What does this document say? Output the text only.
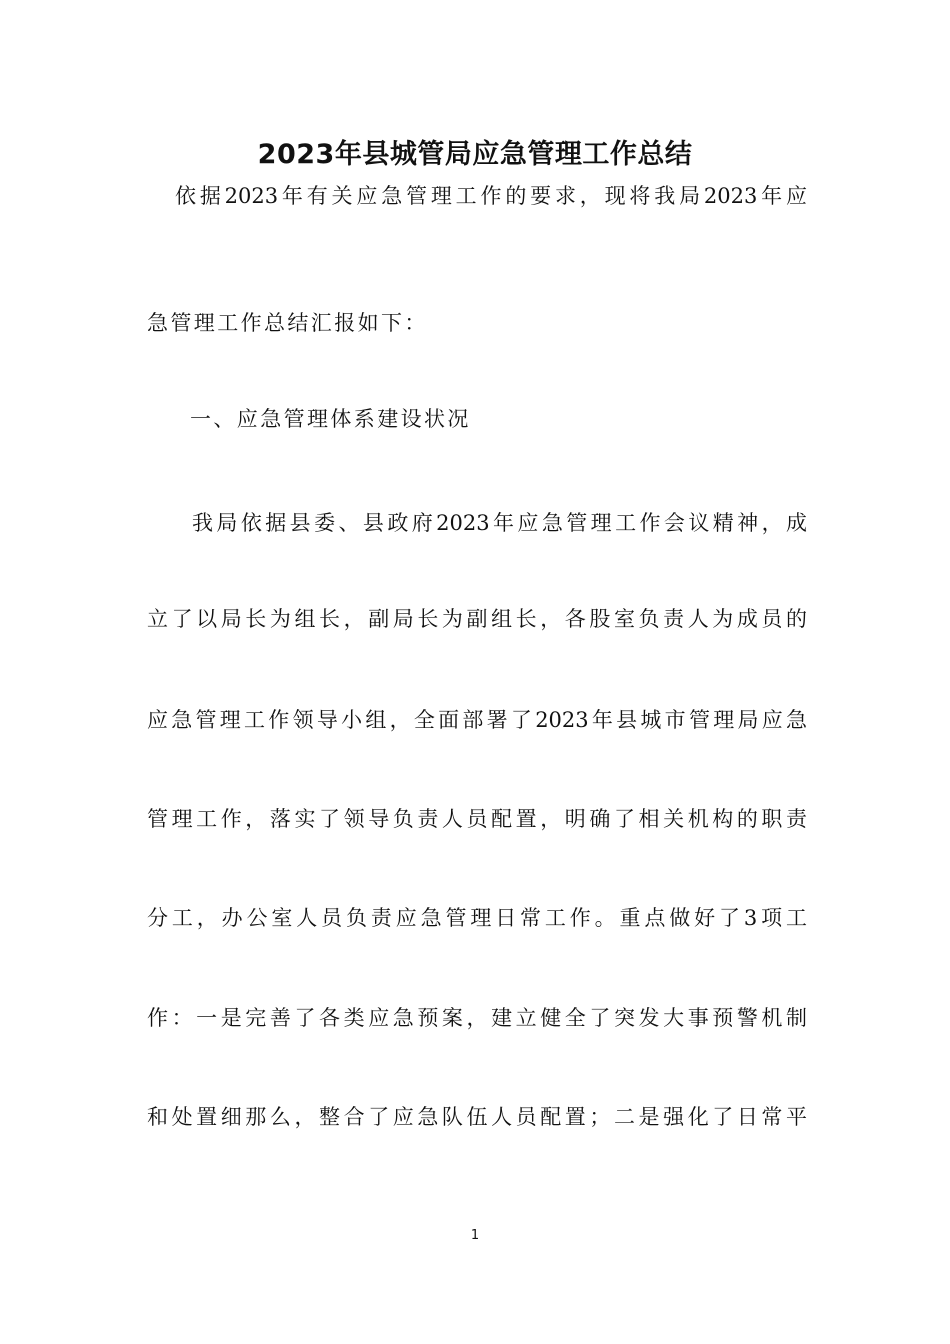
2023年县城管局应急管理工作总结
依据2023年有关应急管理工作的要求，现将我局2023年应
急管理工作总结汇报如下：
一、应急管理体系建设状况
我局依据县委、县政府2023年应急管理工作会议精神，成
立了以局长为组长，副局长为副组长，各股室负责人为成员的
应急管理工作领导小组，全面部署了2023年县城市管理局应急
管理工作，落实了领导负责人员配置，明确了相关机构的职责
分工，办公室人员负责应急管理日常工作。重点做好了3项工
作：一是完善了各类应急预案，建立健全了突发大事预警机制
和处置细那么，整合了应急队伍人员配置；二是强化了日常平
1
